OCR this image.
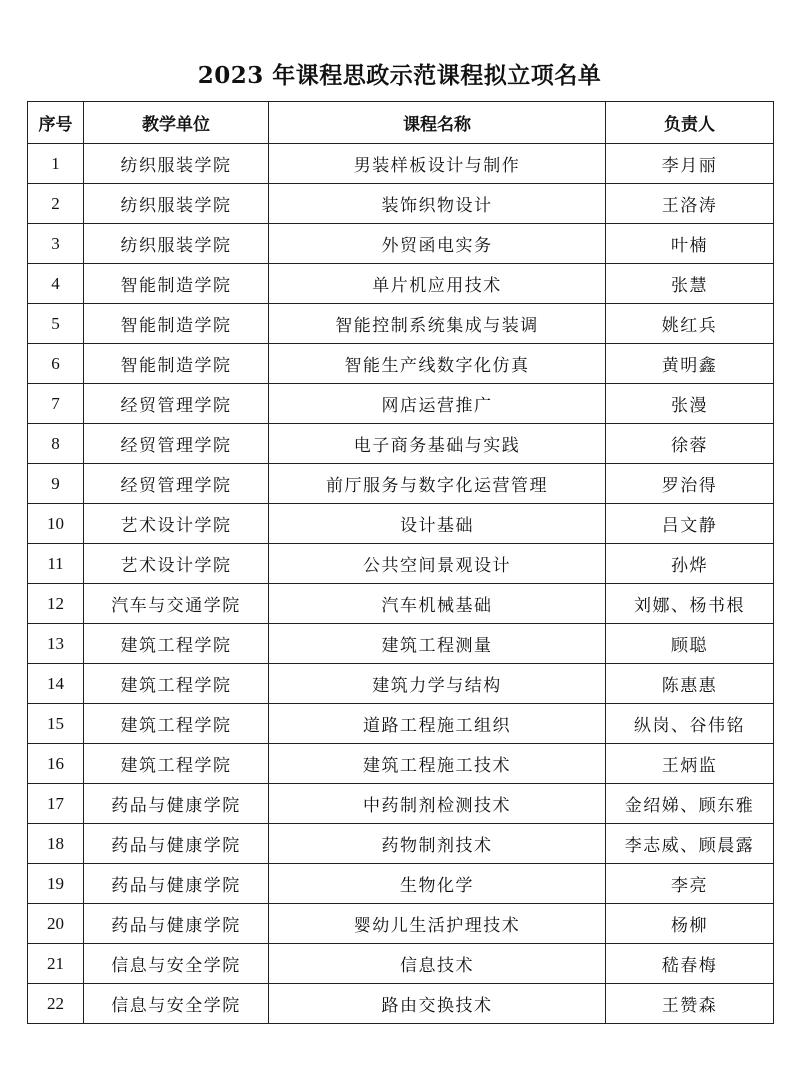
2023 年课程思政示范课程拟立项名单
序号	教学单位	课程名称	负责人
1	纺织服装学院	男装样板设计与制作	李月丽
2	纺织服装学院	装饰织物设计	王洛涛
3	纺织服装学院	外贸函电实务	叶楠
4	智能制造学院	单片机应用技术	张慧
5	智能制造学院	智能控制系统集成与装调	姚红兵
6	智能制造学院	智能生产线数字化仿真	黄明鑫
7	经贸管理学院	网店运营推广	张漫
8	经贸管理学院	电子商务基础与实践	徐蓉
9	经贸管理学院	前厅服务与数字化运营管理	罗治得
10	艺术设计学院	设计基础	吕文静
11	艺术设计学院	公共空间景观设计	孙烨
12	汽车与交通学院	汽车机械基础	刘娜、杨书根
13	建筑工程学院	建筑工程测量	顾聪
14	建筑工程学院	建筑力学与结构	陈惠惠
15	建筑工程学院	道路工程施工组织	纵岗、谷伟铭
16	建筑工程学院	建筑工程施工技术	王炳监
17	药品与健康学院	中药制剂检测技术	金绍娣、顾东雅
18	药品与健康学院	药物制剂技术	李志威、顾晨露
19	药品与健康学院	生物化学	李亮
20	药品与健康学院	婴幼儿生活护理技术	杨柳
21	信息与安全学院	信息技术	嵇春梅
22	信息与安全学院	路由交换技术	王赞森
